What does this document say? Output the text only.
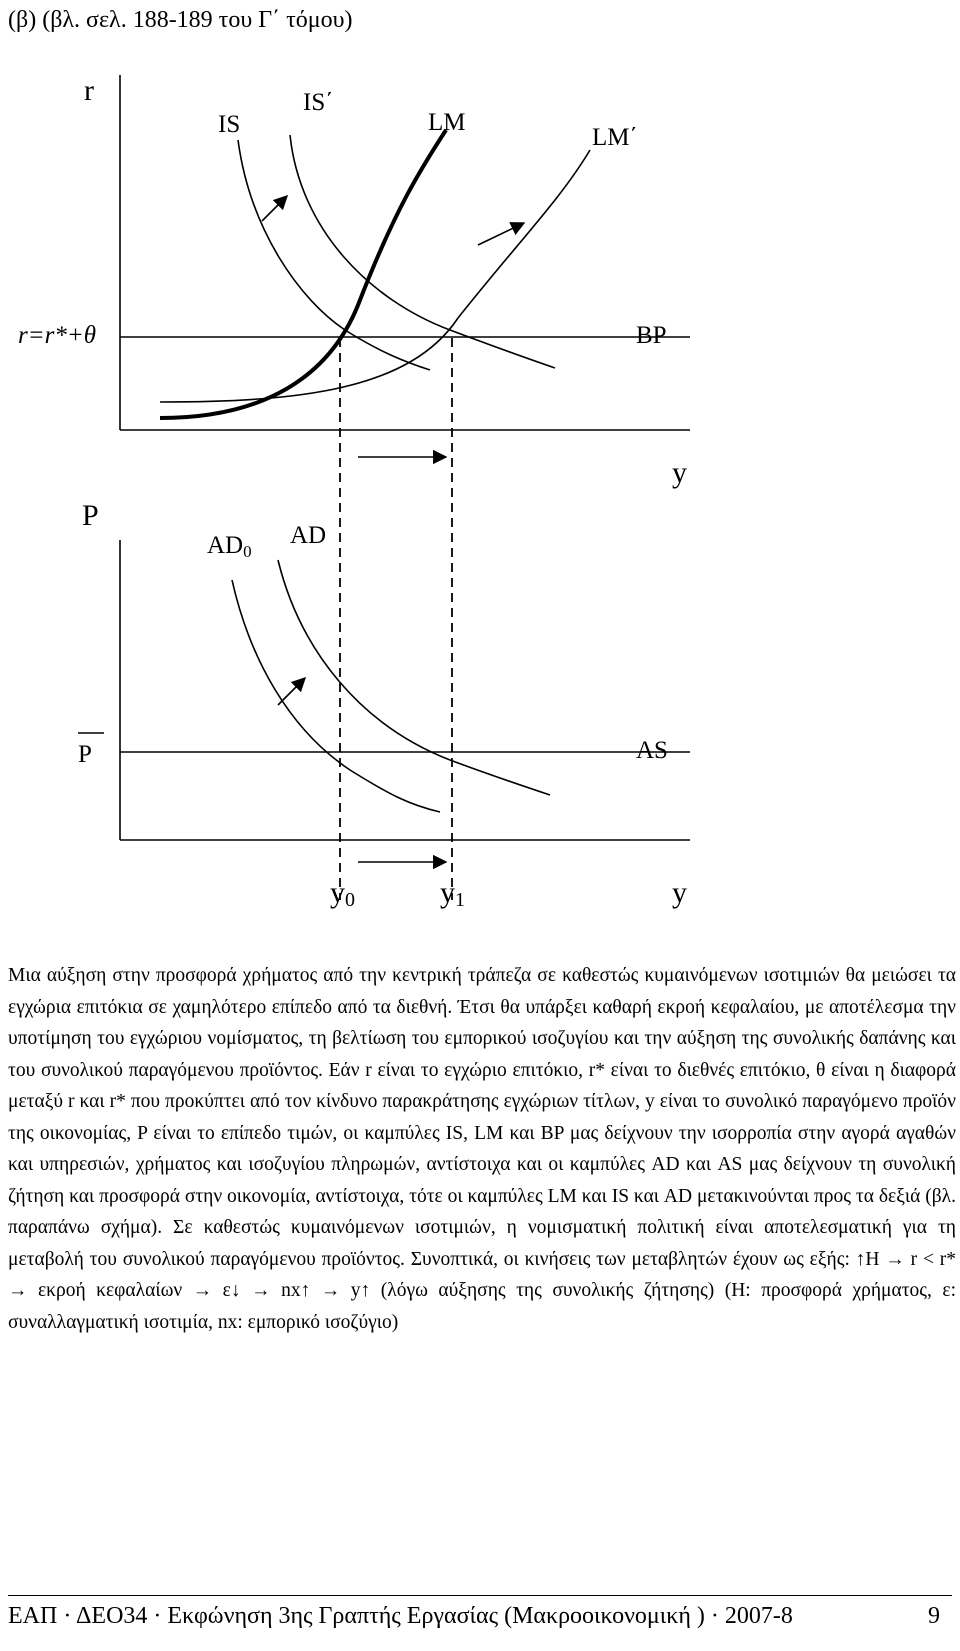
(β) (βλ. σελ. 188-189 του Γ΄ τόμου)
r
y
r=r*+θ	BP
IS
IS΄
LM
LM΄
P
y
P	AS
AD0
AD
y0	y1

Μια αύξηση στην προσφορά χρήματος από την κεντρική τράπεζα σε καθεστώς κυμαινόμενων ισοτιμιών θα μειώσει τα εγχώρια επιτόκια σε χαμηλότερο επίπεδο από τα διεθνή. Έτσι θα υπάρξει καθαρή εκροή κεφαλαίου, με αποτέλεσμα την υποτίμηση του εγχώριου νομίσματος, τη βελτίωση του εμπορικού ισοζυγίου και την αύξηση της συνολικής δαπάνης και του συνολικού παραγόμενου προϊόντος. Εάν r είναι το εγχώριο επιτόκιο, r* είναι το διεθνές επιτόκιο, θ είναι η διαφορά μεταξύ r και r* που προκύπτει από τον κίνδυνο παρακράτησης εγχώριων τίτλων, y είναι το συνολικό παραγόμενο προϊόν της οικονομίας, P είναι το επίπεδο τιμών, οι καμπύλες IS, LM και BP μας δείχνουν την ισορροπία στην αγορά αγαθών και υπηρεσιών, χρήματος και ισοζυγίου πληρωμών, αντίστοιχα και οι καμπύλες AD και AS μας δείχνουν τη συνολική ζήτηση και προσφορά στην οικονομία, αντίστοιχα, τότε οι καμπύλες LM και IS και AD μετακινούνται προς τα δεξιά (βλ. παραπάνω σχήμα). Σε καθεστώς κυμαινόμενων ισοτιμιών, η νομισματική πολιτική είναι αποτελεσματική για τη μεταβολή του συνολικού παραγόμενου προϊόντος. Συνοπτικά, οι κινήσεις των μεταβλητών έχουν ως εξής: ↑H → r < r* → εκροή κεφαλαίων → ε↓ → nx↑ → y↑ (λόγω αύξησης της συνολικής ζήτησης) (H: προσφορά χρήματος, ε: συναλλαγματική ισοτιμία, nx: εμπορικό ισοζύγιο)

ΕΑΠ · ΔΕΟ34 · Εκφώνηση 3ης Γραπτής Εργασίας (Μακροοικονομική ) · 2007-8	9
